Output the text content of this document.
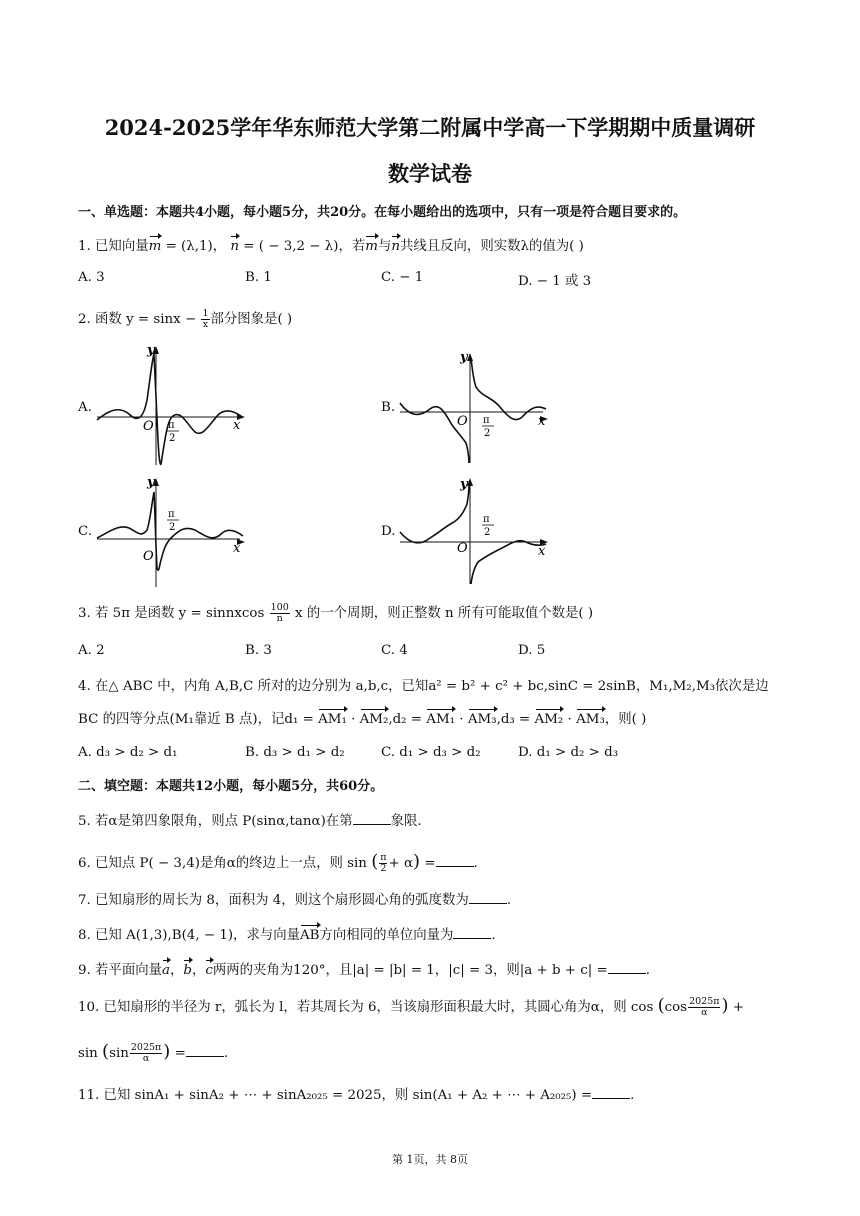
2024-2025学年华东师范大学第二附属中学高一下学期期中质量调研
数学试卷
一、单选题：本题共4小题，每小题5分，共20分。在每小题给出的选项中，只有一项是符合题目要求的。
1. 已知向量m = (λ,1)， n = ( − 3,2 − λ)，若m与n共线且反向，则实数λ的值为( )
A. 3	B. 1	C. − 1	D. − 1 或 3
2. 函数 $y = \sin x - \frac{1}{x}$ 部分图象是( )
A.	B.
C.	D.
O
y
x
π
2
O
y
x
π
2
O
y
x
π
2
O
y
x
π
2
3. 若 5π 是函数 y = sinnxcos $\frac{100}{n}$ x 的一个周期，则正整数 n 所有可能取值个数是( )
A. 2	B. 3	C. 4	D. 5
4. 在△ ABC 中，内角 A,B,C 所对的边分别为 a,b,c，已知a² = b² + c² + bc,sinC = 2sinB，M₁,M₂,M₃依次是边
BC 的四等分点(M₁靠近 B 点)，记d₁ = AM₁ · AM₂,d₂ = AM₁ · AM₃,d₃ = AM₂ · AM₃，则( )
A. d₃ > d₂ > d₁	B. d₃ > d₁ > d₂	C. d₁ > d₃ > d₂	D. d₁ > d₂ > d₃
二、填空题：本题共12小题，每小题5分，共60分。
5. 若α是第四象限角，则点 P(sinα,tanα)在第	象限.
6. 已知点 P( − 3,4)是角α的终边上一点，则 sin ( $\frac{\pi}{2} + \alpha$) =	.
7. 已知扇形的周长为 8，面积为 4，则这个扇形圆心角的弧度数为	.
8. 已知 A(1,3),B(4, − 1)，求与向量AB方向相同的单位向量为	.
9. 若平面向量a，b，c两两的夹角为120°，且|a| = |b| = 1，|c| = 3，则|a + b + c| =	.
10. 已知扇形的半径为 r，弧长为 l，若其周长为 6，当该扇形面积最大时，其圆心角为α，则 $\cos (\cos \frac{2025\pi}{\alpha}$ ) +
$\sin (\sin \frac{2025\pi}{\alpha}$ ) =	.
11. 已知 sinA₁ + sinA₂ + ⋯ + sinA₂₀₂₅ = 2025，则 sin(A₁ + A₂ + ⋯ + A₂₀₂₅) =	.
第 1页，共 8页
